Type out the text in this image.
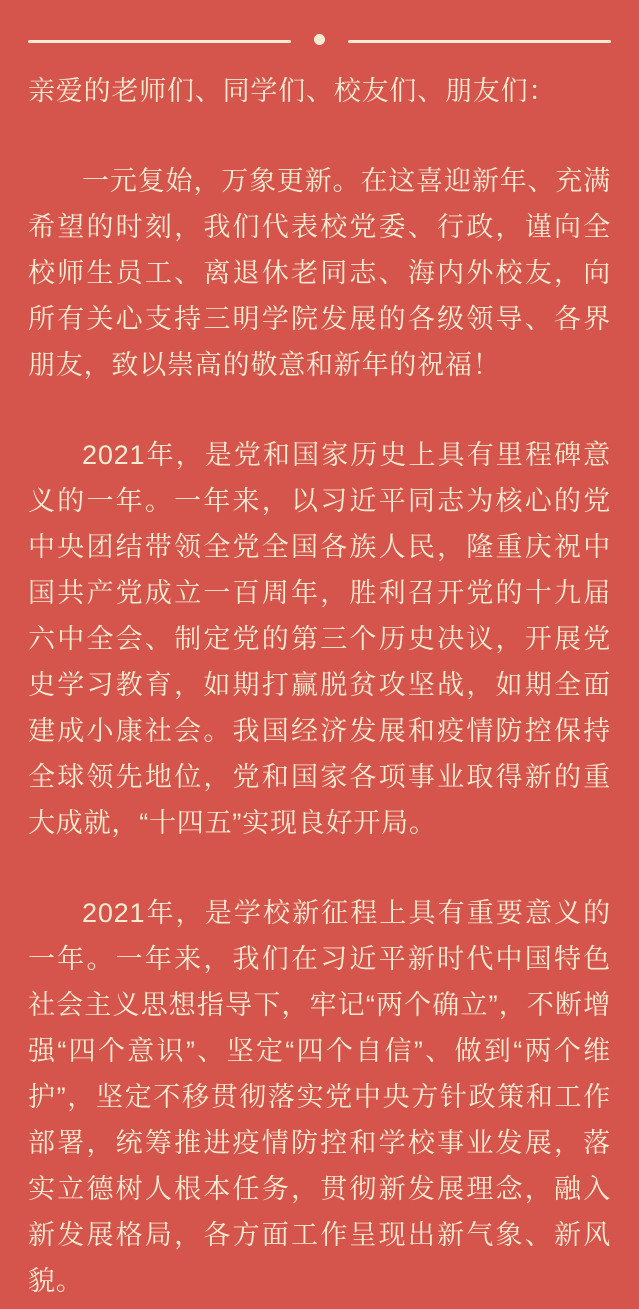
亲爱的老师们、同学们、校友们、朋友们：

一元复始，万象更新。在这喜迎新年、充满希望的时刻，我们代表校党委、行政，谨向全校师生员工、离退休老同志、海内外校友，向所有关心支持三明学院发展的各级领导、各界朋友，致以崇高的敬意和新年的祝福！

2021年，是党和国家历史上具有里程碑意义的一年。一年来，以习近平同志为核心的党中央团结带领全党全国各族人民，隆重庆祝中国共产党成立一百周年，胜利召开党的十九届六中全会、制定党的第三个历史决议，开展党史学习教育，如期打赢脱贫攻坚战，如期全面建成小康社会。我国经济发展和疫情防控保持全球领先地位，党和国家各项事业取得新的重大成就，“十四五”实现良好开局。

2021年，是学校新征程上具有重要意义的一年。一年来，我们在习近平新时代中国特色社会主义思想指导下，牢记“两个确立”，不断增强“四个意识”、坚定“四个自信”、做到“两个维护”，坚定不移贯彻落实党中央方针政策和工作部署，统筹推进疫情防控和学校事业发展，落实立德树人根本任务，贯彻新发展理念，融入新发展格局，各方面工作呈现出新气象、新风貌。
